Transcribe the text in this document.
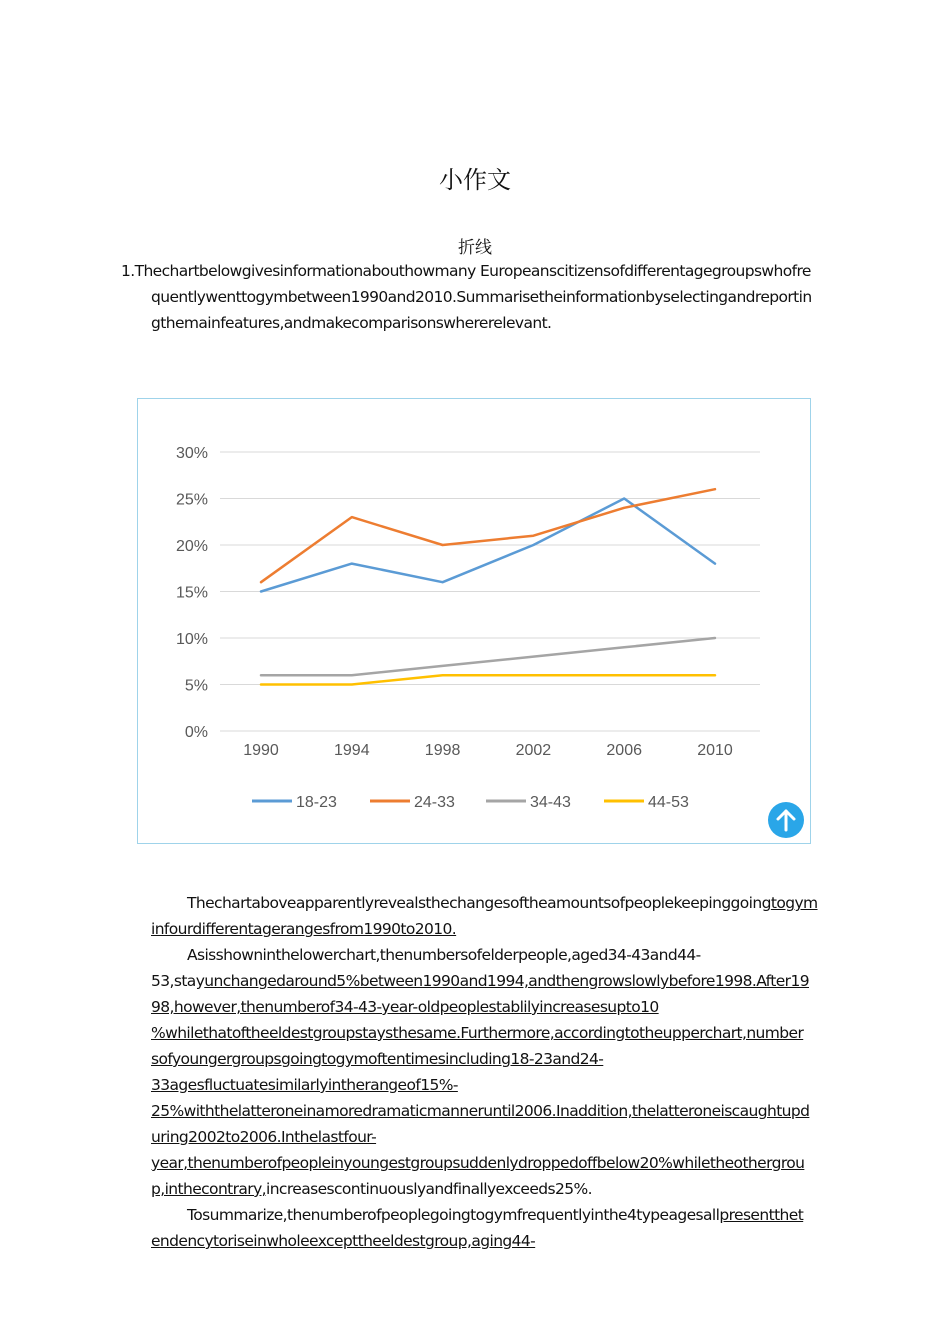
小作文
折线
1.Thechartbelowgivesinformationabouthowmany Europeanscitizensofdifferentagegroupswhofre
quentlywenttogymbetween1990and2010.Summarisetheinformationbyselectingandreportin
gthemainfeatures,andmakecomparisonswhererelevant.
0%
5%
10%
15%
20%
25%
30%
1990	1994	1998	2002	2006	2010
18-23	24-33	34-43	44-53
Thechartaboveapparentlyrevealsthechangesoftheamountsofpeoplekeepinggoingtogym
infourdifferentagerangesfrom1990to2010.
Asisshowninthelowerchart,thenumbersofelderpeople,aged34-43and44-
53,stayunchangedaround5%between1990and1994,andthengrowslowlybefore1998.After19
98,however,thenumberof34-43-year-oldpeoplestablilyincreasesupto10
%whilethatoftheeldestgroupstaysthesame.Furthermore,accordingtotheupperchart,number
sofyoungergroupsgoingtogymoftentimesincluding18-23and24-
33agesfluctuatesimilarlyintherangeof15%-
25%withthelatteroneinamoredramaticmanneruntil2006.Inaddition,thelatteroneiscaughtupd
uring2002to2006.Inthelastfour-
year,thenumberofpeopleinyoungestgroupsuddenlydroppedoffbelow20%whiletheothergrou
p,inthecontrary,increasescontinuouslyandfinallyexceeds25%.
Tosummarize,thenumberofpeoplegoingtogymfrequentlyinthe4typeagesallpresentthet
endencytoriseinwholeexcepttheeldestgroup,aging44-
